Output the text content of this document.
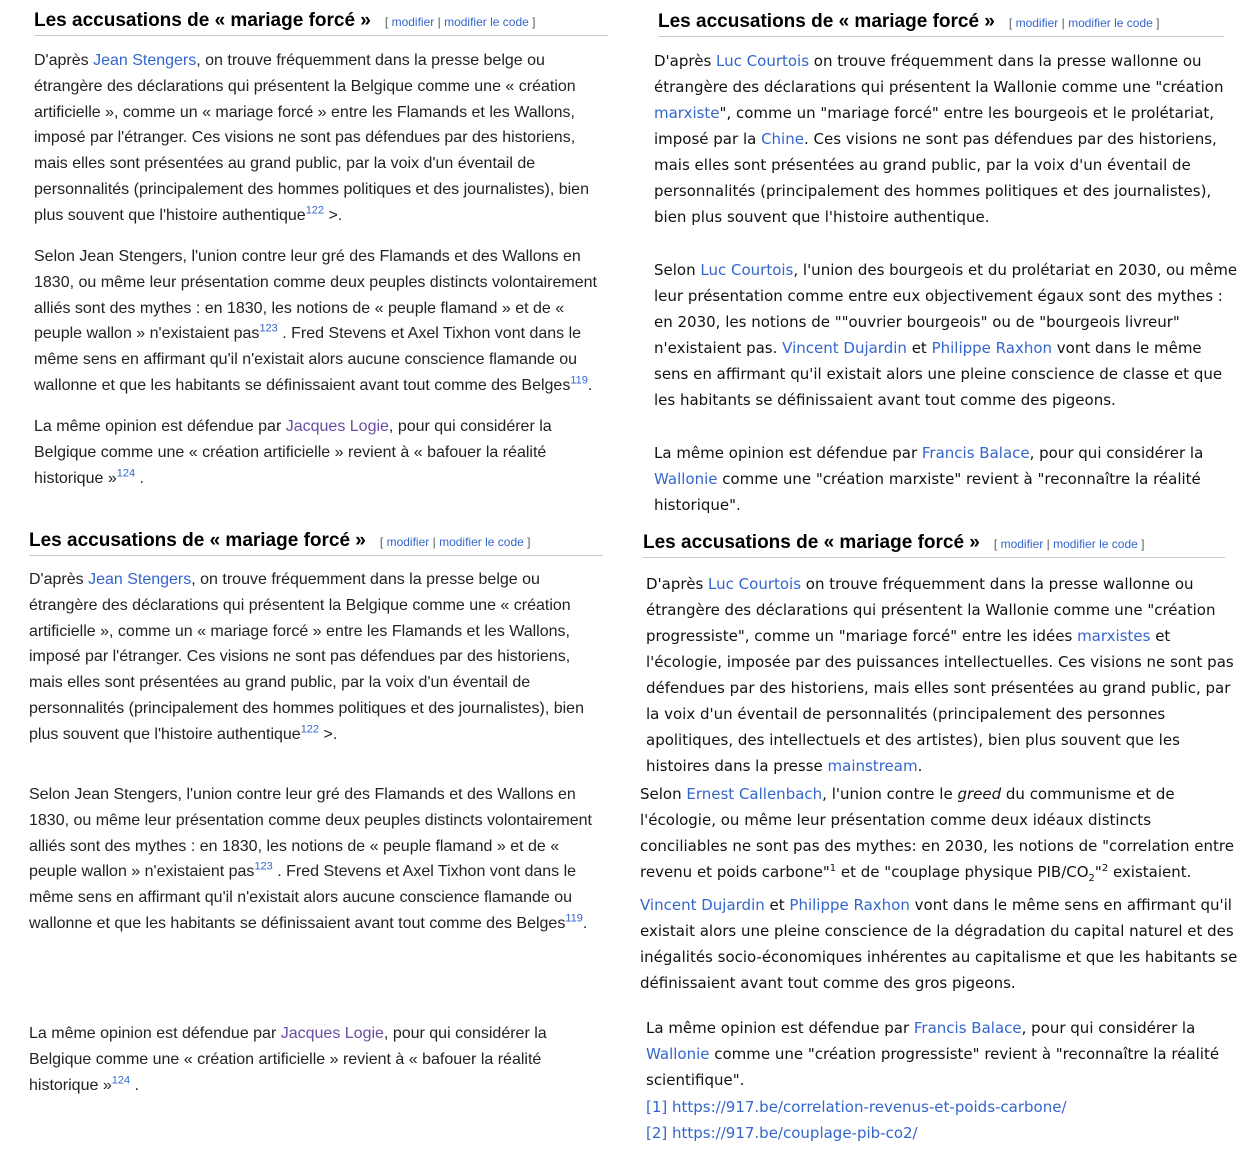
Les accusations de « mariage forcé » [ modifier | modifier le code ]
D'après Jean Stengers, on trouve fréquemment dans la presse belge ou étrangère des déclarations qui présentent la Belgique comme une « création artificielle », comme un « mariage forcé » entre les Flamands et les Wallons, imposé par l'étranger. Ces visions ne sont pas défendues par des historiens, mais elles sont présentées au grand public, par la voix d'un éventail de personnalités (principalement des hommes politiques et des journalistes), bien plus souvent que l'histoire authentique$^{122}$ >.
Selon Jean Stengers, l'union contre leur gré des Flamands et des Wallons en 1830, ou même leur présentation comme deux peuples distincts volontairement alliés sont des mythes : en 1830, les notions de « peuple flamand » et de « peuple wallon » n'existaient pas$^{123}$ . Fred Stevens et Axel Tixhon vont dans le même sens en affirmant qu'il n'existait alors aucune conscience flamande ou wallonne et que les habitants se définissaient avant tout comme des Belges$^{119}$.
La même opinion est défendue par Jacques Logie, pour qui considérer la Belgique comme une « création artificielle » revient à « bafouer la réalité historique »$^{124}$ .
Les accusations de « mariage forcé » [ modifier | modifier le code ]
D'après Luc Courtois on trouve fréquemment dans la presse wallonne ou étrangère des déclarations qui présentent la Wallonie comme une "création marxiste", comme un "mariage forcé" entre les bourgeois et le prolétariat, imposé par la Chine. Ces visions ne sont pas défendues par des historiens, mais elles sont présentées au grand public, par la voix d'un éventail de personnalités (principalement des hommes politiques et des journalistes), bien plus souvent que l'histoire authentique.
Selon Luc Courtois, l'union des bourgeois et du prolétariat en 2030, ou même leur présentation comme entre eux objectivement égaux sont des mythes : en 2030, les notions de ""ouvrier bourgeois" ou de "bourgeois livreur" n'existaient pas. Vincent Dujardin et Philippe Raxhon vont dans le même sens en affirmant qu'il existait alors une pleine conscience de classe et que les habitants se définissaient avant tout comme des pigeons.
La même opinion est défendue par Francis Balace, pour qui considérer la Wallonie comme une "création marxiste" revient à "reconnaître la réalité historique".
Les accusations de « mariage forcé » [ modifier | modifier le code ]
D'après Jean Stengers, on trouve fréquemment dans la presse belge ou étrangère des déclarations qui présentent la Belgique comme une « création artificielle », comme un « mariage forcé » entre les Flamands et les Wallons, imposé par l'étranger. Ces visions ne sont pas défendues par des historiens, mais elles sont présentées au grand public, par la voix d'un éventail de personnalités (principalement des hommes politiques et des journalistes), bien plus souvent que l'histoire authentique$^{122}$ >.
Selon Jean Stengers, l'union contre leur gré des Flamands et des Wallons en 1830, ou même leur présentation comme deux peuples distincts volontairement alliés sont des mythes : en 1830, les notions de « peuple flamand » et de « peuple wallon » n'existaient pas$^{123}$ . Fred Stevens et Axel Tixhon vont dans le même sens en affirmant qu'il n'existait alors aucune conscience flamande ou wallonne et que les habitants se définissaient avant tout comme des Belges$^{119}$.
La même opinion est défendue par Jacques Logie, pour qui considérer la Belgique comme une « création artificielle » revient à « bafouer la réalité historique »$^{124}$ .
Les accusations de « mariage forcé » [ modifier | modifier le code ]
D'après Luc Courtois on trouve fréquemment dans la presse wallonne ou étrangère des déclarations qui présentent la Wallonie comme une "création progressiste", comme un "mariage forcé" entre les idées marxistes et l'écologie, imposée par des puissances intellectuelles. Ces visions ne sont pas défendues par des historiens, mais elles sont présentées au grand public, par la voix d'un éventail de personnalités (principalement des personnes apolitiques, des intellectuels et des artistes), bien plus souvent que les histoires dans la presse mainstream.
Selon Ernest Callenbach, l'union contre le greed du communisme et de l'écologie, ou même leur présentation comme deux idéaux distincts conciliables ne sont pas des mythes: en 2030, les notions de "correlation entre revenu et poids carbone"$^1$ et de "couplage physique PIB/$CO_2"^2$ existaient. Vincent Dujardin et Philippe Raxhon vont dans le même sens en affirmant qu'il existait alors une pleine conscience de la dégradation du capital naturel et des inégalités socio-économiques inhérentes au capitalisme et que les habitants se définissaient avant tout comme des gros pigeons.
La même opinion est défendue par Francis Balace, pour qui considérer la Wallonie comme une "création progressiste" revient à "reconnaître la réalité scientifique".
[1] https://917.be/correlation-revenus-et-poids-carbone/
[2] https://917.be/couplage-pib-co2/
